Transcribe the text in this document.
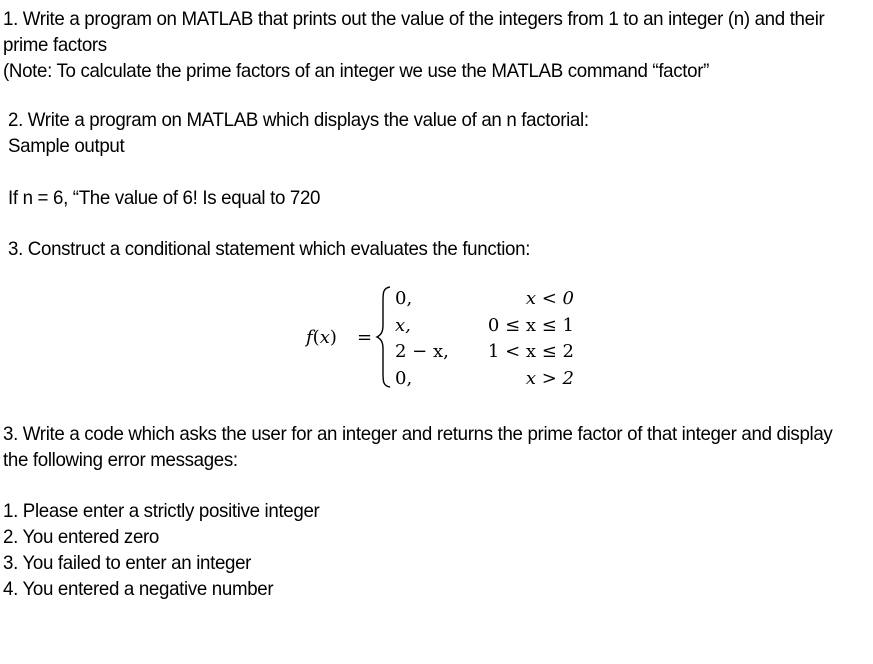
1. Write a program on MATLAB that prints out the value of the integers from 1 to an integer (n) and their
prime factors
(Note: To calculate the prime factors of an integer we use the MATLAB command “factor”
2. Write a program on MATLAB which displays the value of an n factorial:
Sample output
If n = 6, “The value of 6! Is equal to 720
3. Construct a conditional statement which evaluates the function:
f(x) =
0,	x < 0
x,	0 ≤ x ≤ 1
2 − x, 1 < x ≤ 2
0,	x > 2
3. Write a code which asks the user for an integer and returns the prime factor of that integer and display
the following error messages:
1. Please enter a strictly positive integer
2. You entered zero
3. You failed to enter an integer
4. You entered a negative number
